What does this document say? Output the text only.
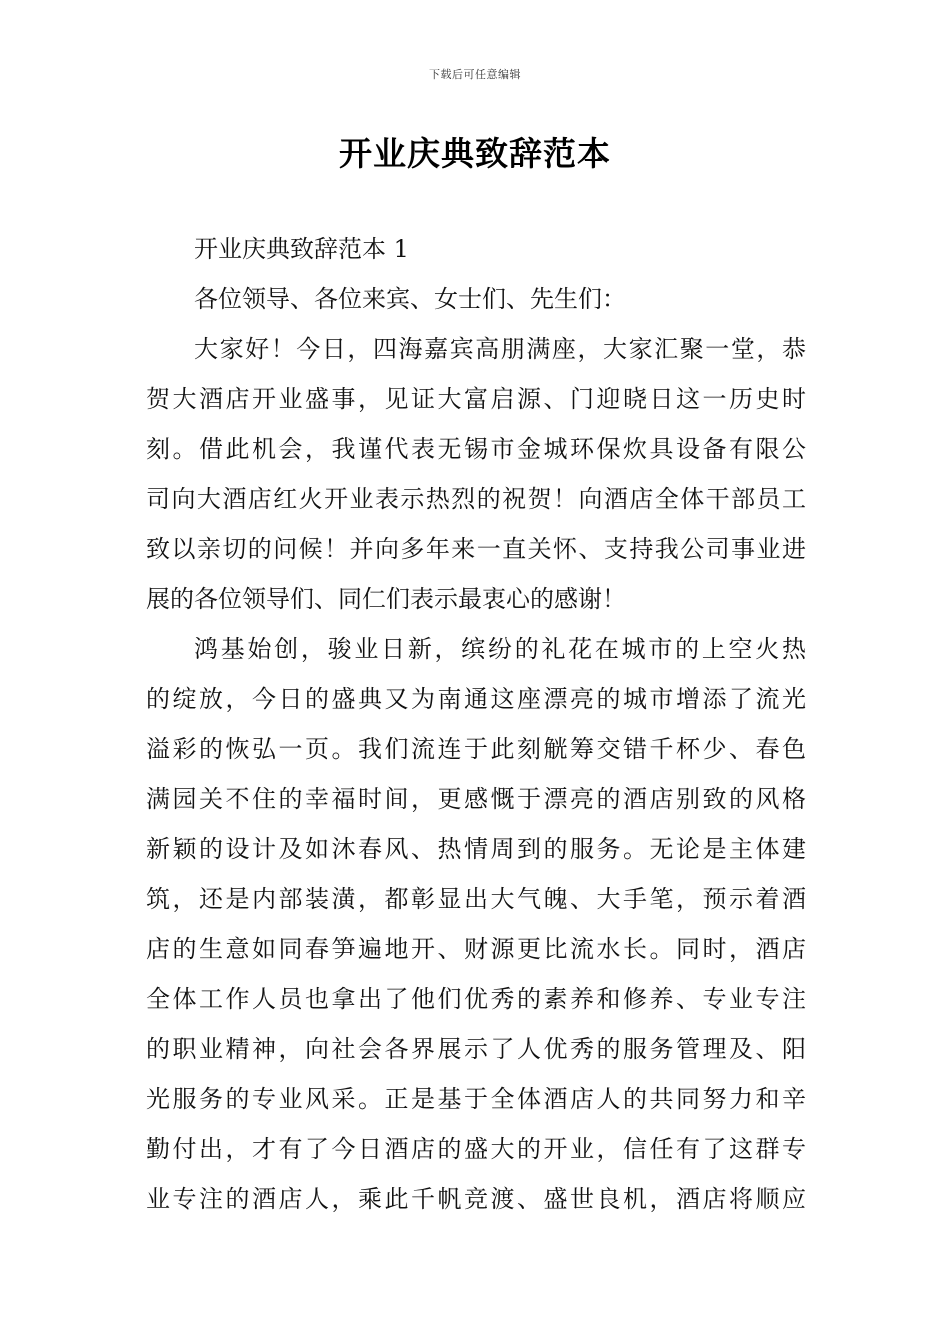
下载后可任意编辑
开业庆典致辞范本
开业庆典致辞范本 1
各位领导、各位来宾、女士们、先生们：
大家好！今日，四海嘉宾高朋满座，大家汇聚一堂，恭
贺大酒店开业盛事，见证大富启源、门迎晓日这一历史时
刻。借此机会，我谨代表无锡市金城环保炊具设备有限公
司向大酒店红火开业表示热烈的祝贺！向酒店全体干部员工
致以亲切的问候！并向多年来一直关怀、支持我公司事业进
展的各位领导们、同仁们表示最衷心的感谢！
鸿基始创，骏业日新，缤纷的礼花在城市的上空火热
的绽放，今日的盛典又为南通这座漂亮的城市增添了流光
溢彩的恢弘一页。我们流连于此刻觥筹交错千杯少、春色
满园关不住的幸福时间，更感慨于漂亮的酒店别致的风格
新颖的设计及如沐春风、热情周到的服务。无论是主体建
筑，还是内部装潢，都彰显出大气魄、大手笔，预示着酒
店的生意如同春笋遍地开、财源更比流水长。同时，酒店
全体工作人员也拿出了他们优秀的素养和修养、专业专注
的职业精神，向社会各界展示了人优秀的服务管理及、阳
光服务的专业风采。正是基于全体酒店人的共同努力和辛
勤付出，才有了今日酒店的盛大的开业，信任有了这群专
业专注的酒店人，乘此千帆竞渡、盛世良机，酒店将顺应
